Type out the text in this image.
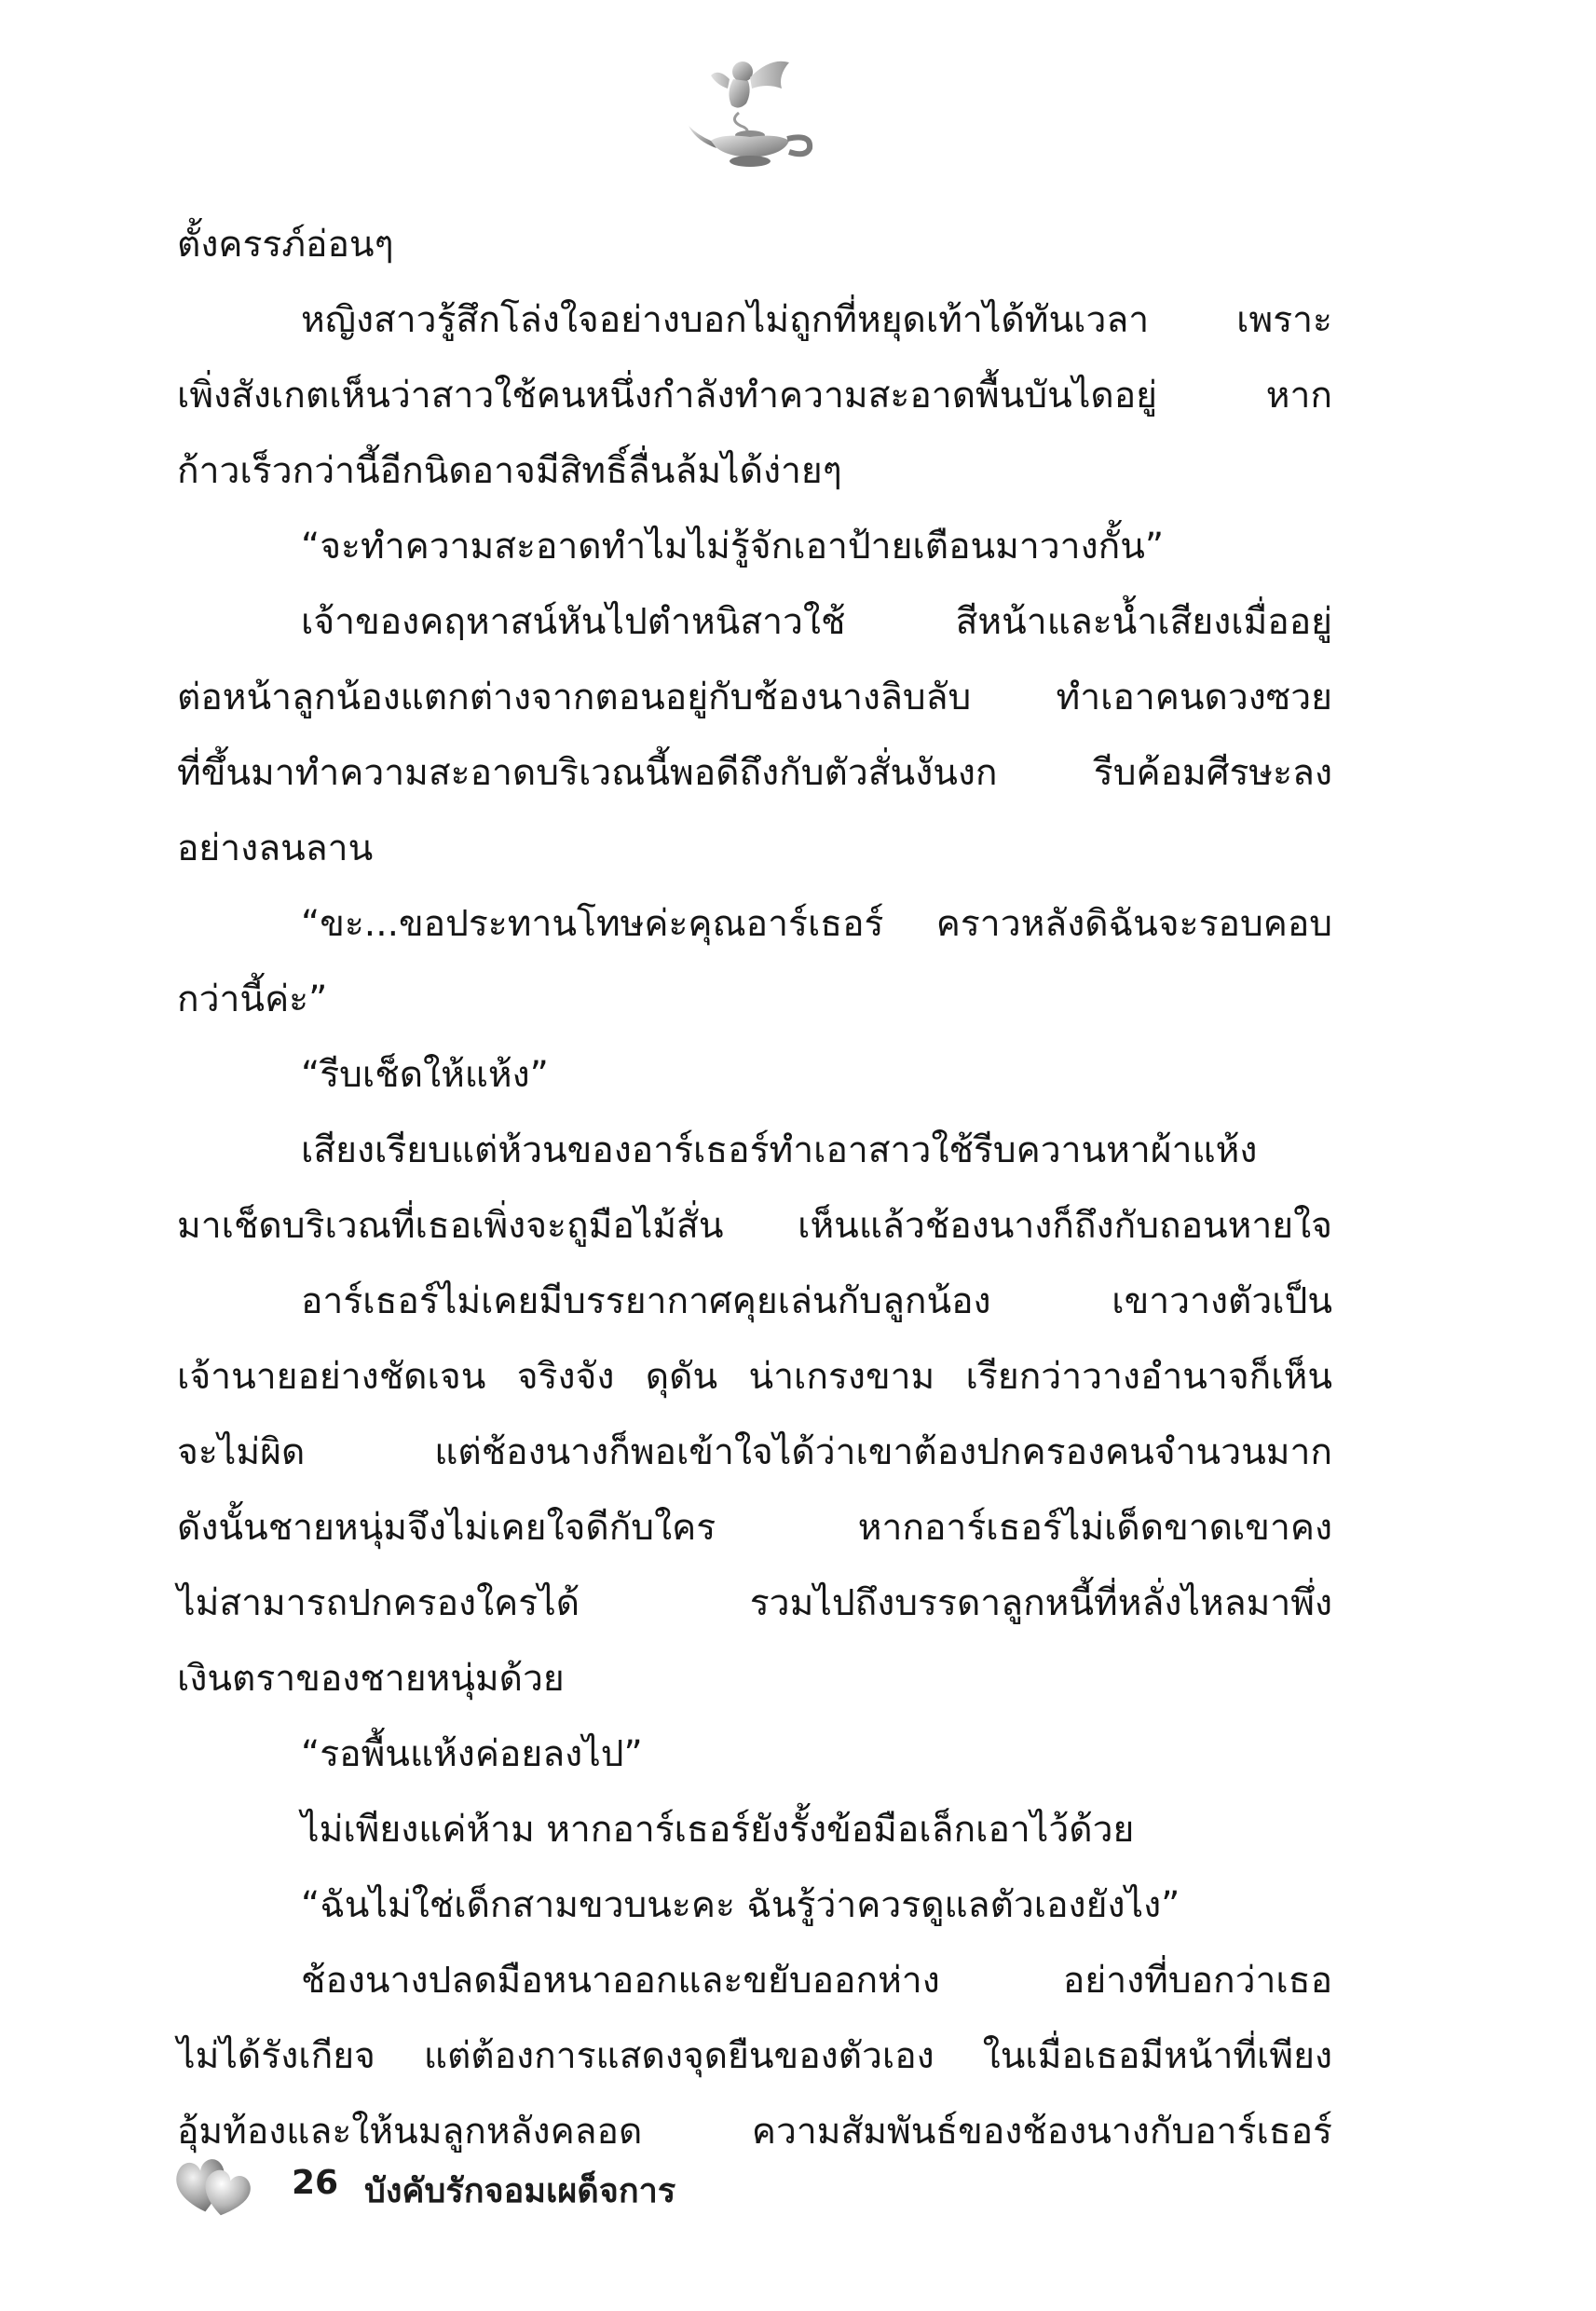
ตั้งครรภ์อ่อนๆ
หญิงสาวรู้สึกโล่งใจอย่างบอกไม่ถูกที่หยุดเท้าได้ทันเวลา เพราะ
เพิ่งสังเกตเห็นว่าสาวใช้คนหนึ่งกำลังทำความสะอาดพื้นบันไดอยู่ หาก
ก้าวเร็วกว่านี้อีกนิดอาจมีสิทธิ์ลื่นล้มได้ง่ายๆ
“จะทำความสะอาดทำไมไม่รู้จักเอาป้ายเตือนมาวางกั้น”
เจ้าของคฤหาสน์หันไปตำหนิสาวใช้ สีหน้าและน้ำเสียงเมื่ออยู่
ต่อหน้าลูกน้องแตกต่างจากตอนอยู่กับช้องนางลิบลับ ทำเอาคนดวงซวย
ที่ขึ้นมาทำความสะอาดบริเวณนี้พอดีถึงกับตัวสั่นงันงก รีบค้อมศีรษะลง
อย่างลนลาน
“ขะ...ขอประทานโทษค่ะคุณอาร์เธอร์ คราวหลังดิฉันจะรอบคอบ
กว่านี้ค่ะ”
“รีบเช็ดให้แห้ง”
เสียงเรียบแต่ห้วนของอาร์เธอร์ทำเอาสาวใช้รีบควานหาผ้าแห้ง
มาเช็ดบริเวณที่เธอเพิ่งจะถูมือไม้สั่น เห็นแล้วช้องนางก็ถึงกับถอนหายใจ
อาร์เธอร์ไม่เคยมีบรรยากาศคุยเล่นกับลูกน้อง เขาวางตัวเป็น
เจ้านายอย่างชัดเจน จริงจัง ดุดัน น่าเกรงขาม เรียกว่าวางอำนาจก็เห็น
จะไม่ผิด แต่ช้องนางก็พอเข้าใจได้ว่าเขาต้องปกครองคนจำนวนมาก
ดังนั้นชายหนุ่มจึงไม่เคยใจดีกับใคร หากอาร์เธอร์ไม่เด็ดขาดเขาคง
ไม่สามารถปกครองใครได้ รวมไปถึงบรรดาลูกหนี้ที่หลั่งไหลมาพึ่ง
เงินตราของชายหนุ่มด้วย
“รอพื้นแห้งค่อยลงไป”
ไม่เพียงแค่ห้าม หากอาร์เธอร์ยังรั้งข้อมือเล็กเอาไว้ด้วย
“ฉันไม่ใช่เด็กสามขวบนะคะ ฉันรู้ว่าควรดูแลตัวเองยังไง”
ช้องนางปลดมือหนาออกและขยับออกห่าง อย่างที่บอกว่าเธอ
ไม่ได้รังเกียจ แต่ต้องการแสดงจุดยืนของตัวเอง ในเมื่อเธอมีหน้าที่เพียง
อุ้มท้องและให้นมลูกหลังคลอด ความสัมพันธ์ของช้องนางกับอาร์เธอร์
26 บังคับรักจอมเผด็จการ
